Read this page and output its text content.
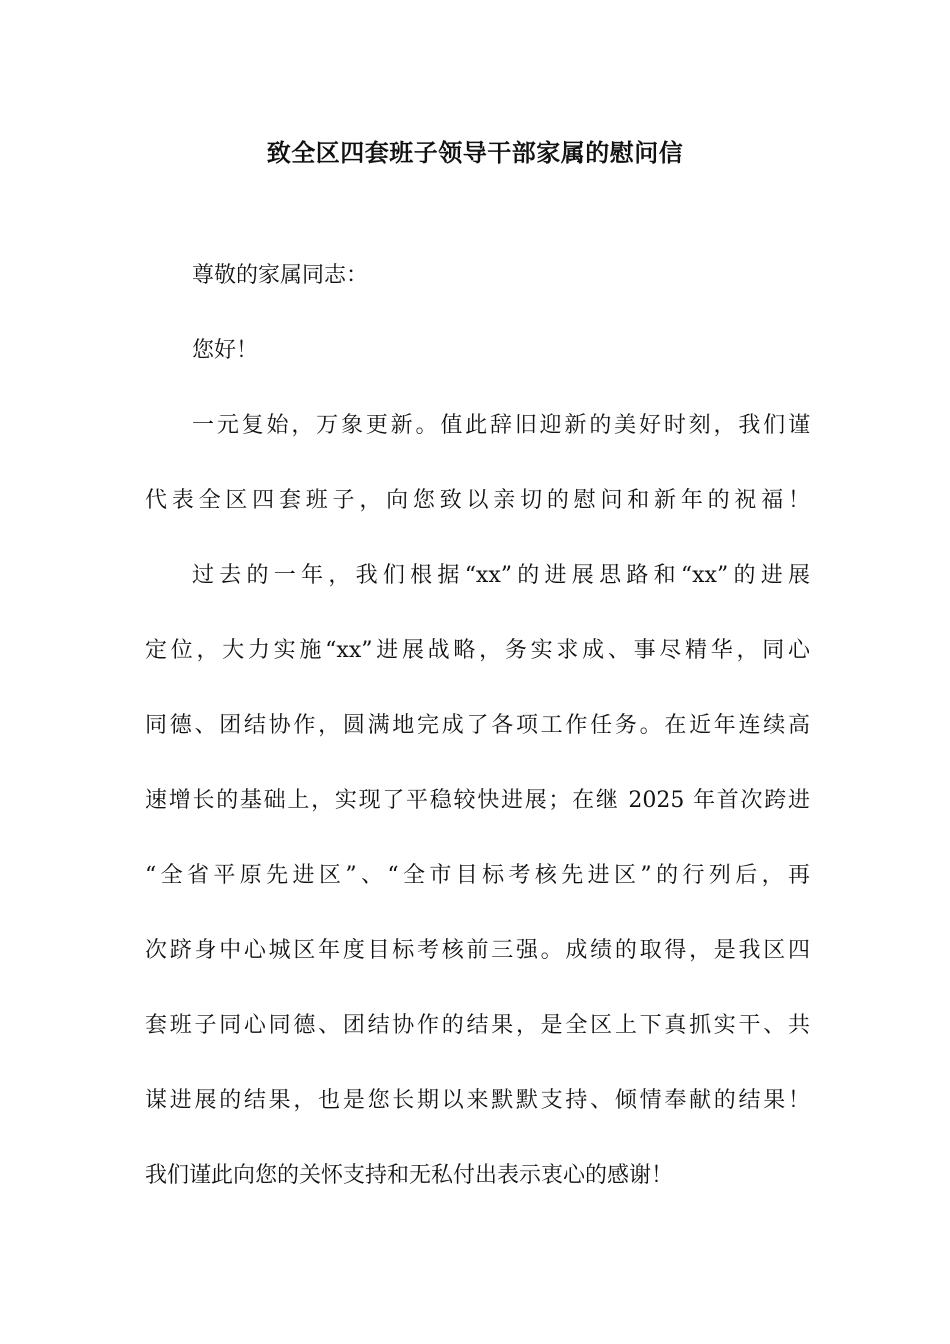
致全区四套班子领导干部家属的慰问信
尊敬的家属同志：
您好！
一元复始，万象更新。值此辞旧迎新的美好时刻，我们谨
代表全区四套班子，向您致以亲切的慰问和新年的祝福！
过去的一年，我们根据“xx”的进展思路和“xx”的进展
定位，大力实施“xx”进展战略，务实求成、事尽精华，同心
同德、团结协作，圆满地完成了各项工作任务。在近年连续高
速增长的基础上，实现了平稳较快进展；在继 2025 年首次跨进
“全省平原先进区”、“全市目标考核先进区”的行列后，再
次跻身中心城区年度目标考核前三强。成绩的取得，是我区四
套班子同心同德、团结协作的结果，是全区上下真抓实干、共
谋进展的结果，也是您长期以来默默支持、倾情奉献的结果！
我们谨此向您的关怀支持和无私付出表示衷心的感谢！
